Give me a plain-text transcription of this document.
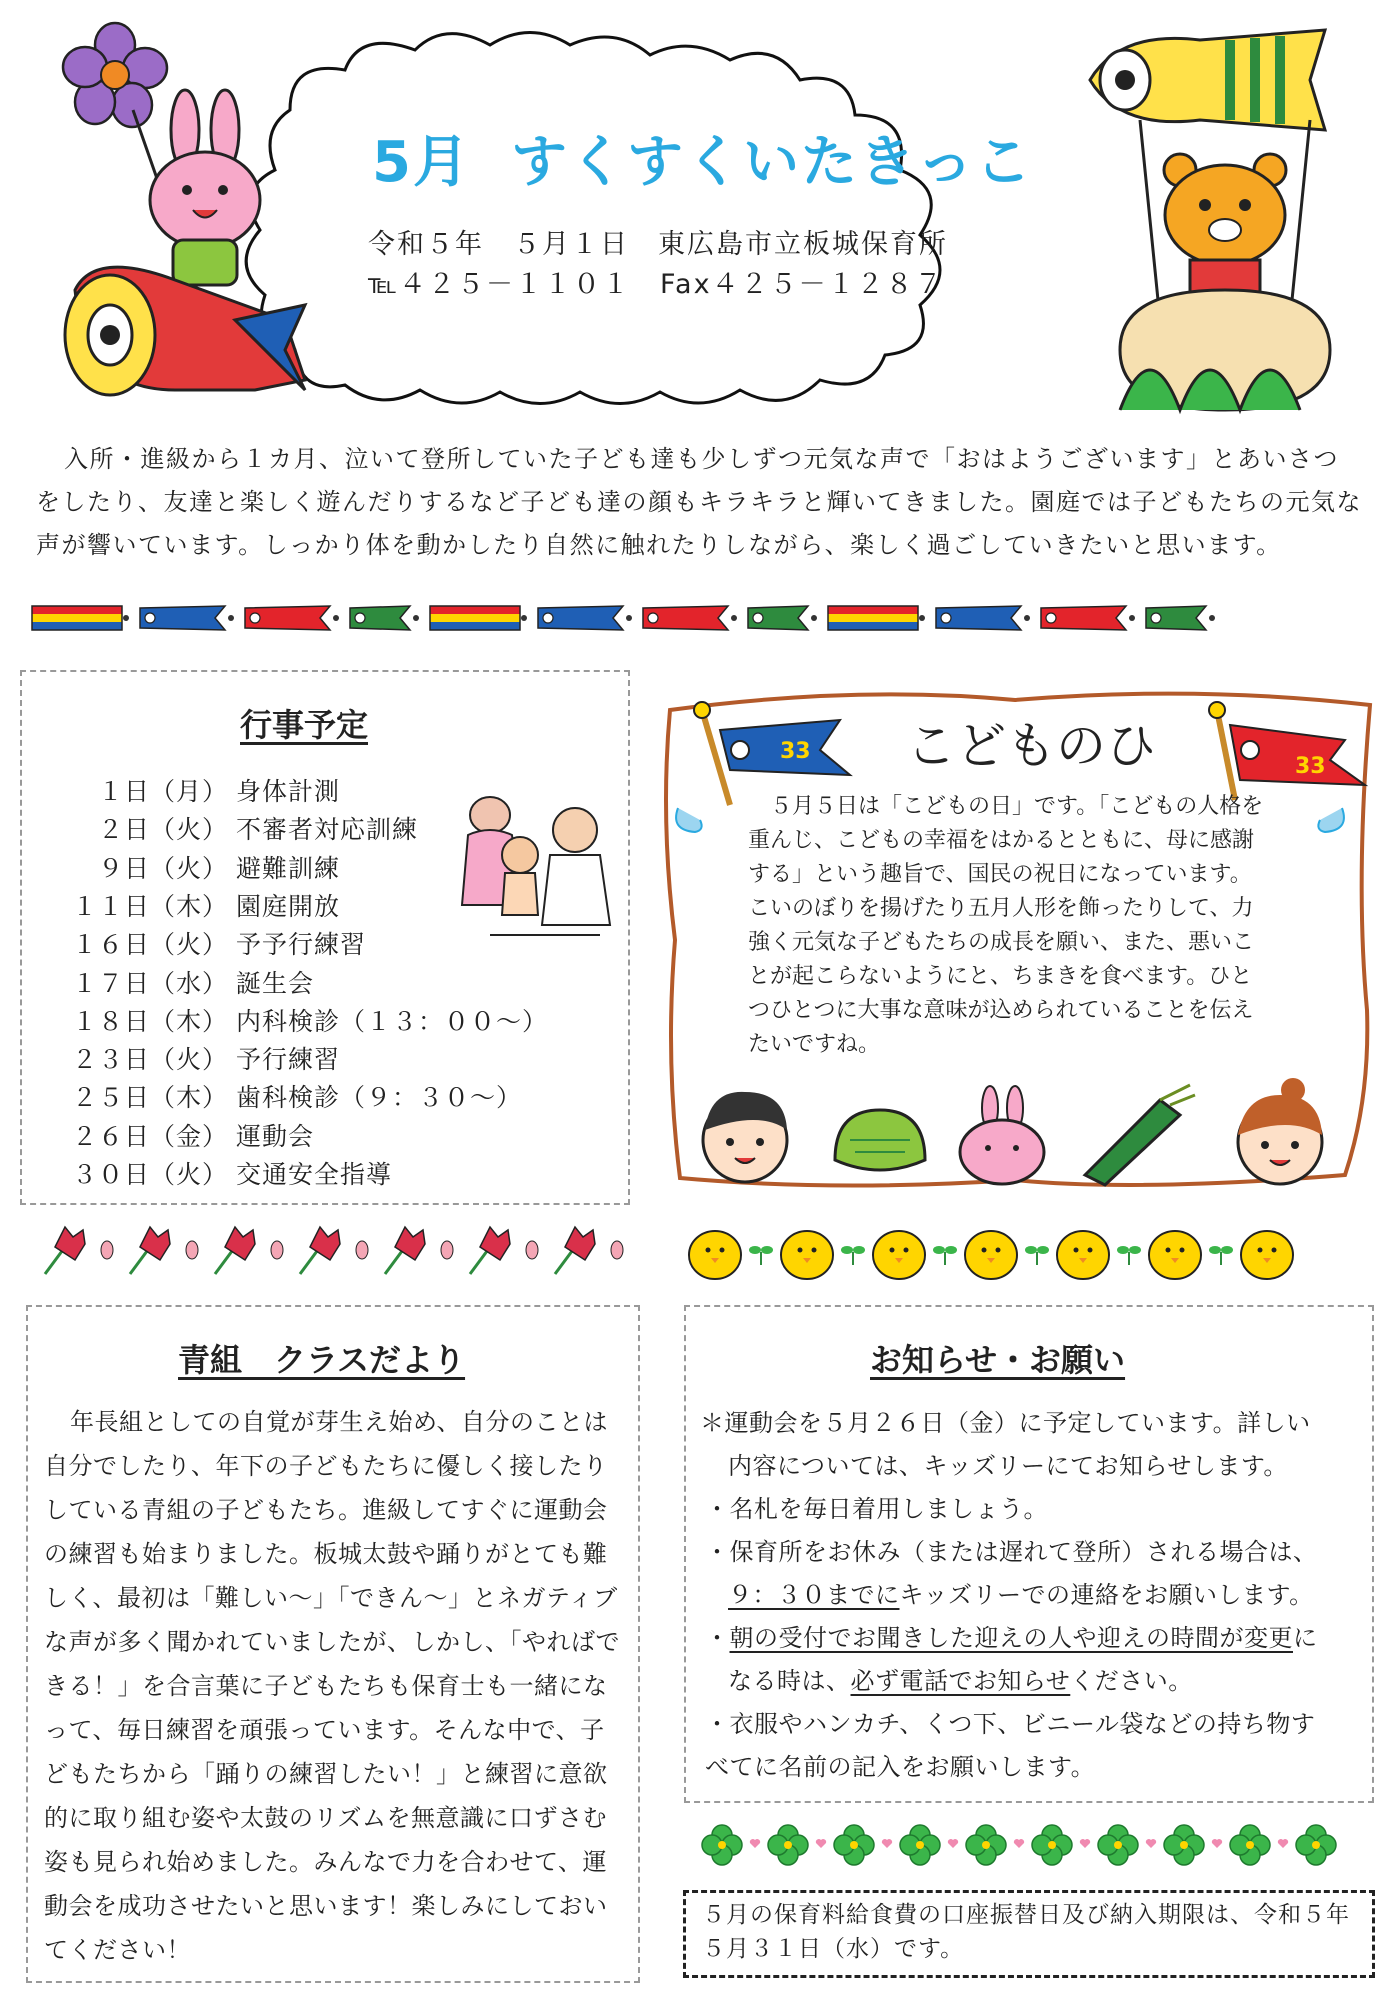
5月 すくすくいたきっこ
令和５年　５月１日　東広島市立板城保育所
℡４２５－１１０１　Fax４２５－１２８７
入所・進級から１カ月、泣いて登所していた子ども達も少しずつ元気な声で「おはようございます」とあいさつをしたり、友達と楽しく遊んだりするなど子ども達の顔もキラキラと輝いてきました。園庭では子どもたちの元気な声が響いています。しっかり体を動かしたり自然に触れたりしながら、楽しく過ごしていきたいと思います。
行事予定
１日（月） 身体計測
２日（火） 不審者対応訓練
９日（火） 避難訓練
１１日（木） 園庭開放
１６日（火） 予予行練習
１７日（水） 誕生会
１８日（木） 内科検診（１３：００～）
２３日（火） 予行練習
２５日（木） 歯科検診（９：３０～）
２６日（金） 運動会
３０日（火） 交通安全指導
33
33
こどものひ
５月５日は「こどもの日」です。「こどもの人格を重んじ、こどもの幸福をはかるとともに、母に感謝する」という趣旨で、国民の祝日になっています。こいのぼりを揚げたり五月人形を飾ったりして、力強く元気な子どもたちの成長を願い、また、悪いことが起こらないようにと、ちまきを食べます。ひとつひとつに大事な意味が込められていることを伝えたいですね。
青組　クラスだより
年長組としての自覚が芽生え始め、自分のことは自分でしたり、年下の子どもたちに優しく接したりしている青組の子どもたち。進級してすぐに運動会の練習も始まりました。板城太鼓や踊りがとても難しく、最初は「難しい～」「できん～」とネガティブな声が多く聞かれていましたが、しかし、「やればできる！」を合言葉に子どもたちも保育士も一緒になって、毎日練習を頑張っています。そんな中で、子どもたちから「踊りの練習したい！」と練習に意欲的に取り組む姿や太鼓のリズムを無意識に口ずさむ姿も見られ始めました。みんなで力を合わせて、運動会を成功させたいと思います！楽しみにしておいてください！
お知らせ・お願い
＊運動会を５月２６日（金）に予定しています。詳しい
内容については、キッズリーにてお知らせします。
・名札を毎日着用しましょう。
・保育所をお休み（または遅れて登所）される場合は、
９：３０までにキッズリーでの連絡をお願いします。
・朝の受付でお聞きした迎えの人や迎えの時間が変更に
なる時は、必ず電話でお知らせください。
・衣服やハンカチ、くつ下、ビニール袋などの持ち物す
べてに名前の記入をお願いします。
５月の保育料給食費の口座振替日及び納入期限は、令和５年５月３１日（水）です。
